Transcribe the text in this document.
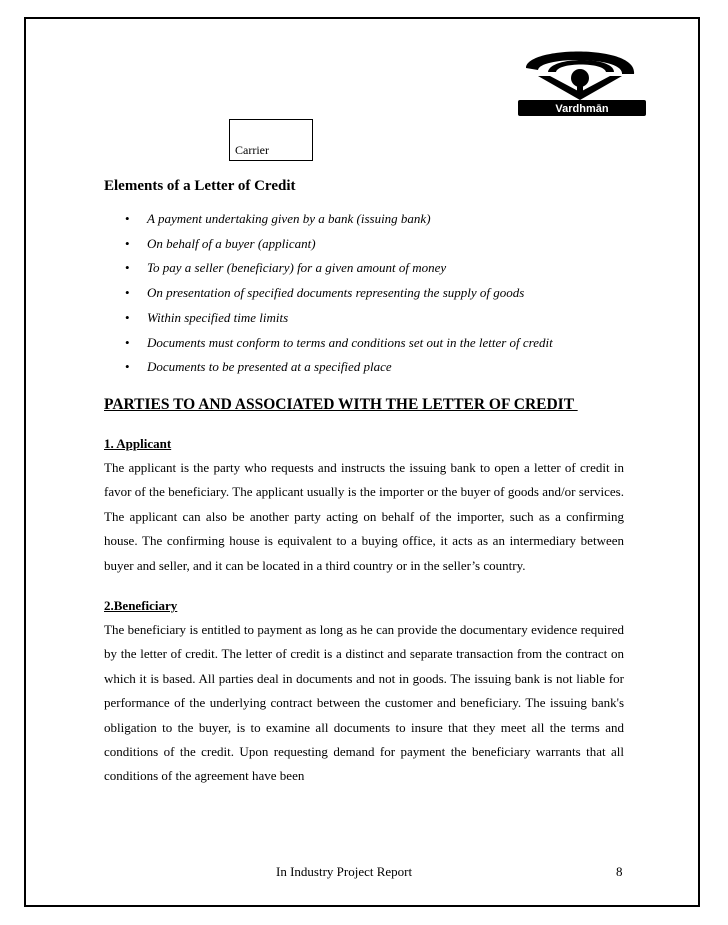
Vardhmān
Carrier
Elements of a Letter of Credit
• A payment undertaking given by a bank (issuing bank)
• On behalf of a buyer (applicant)
• To pay a seller (beneficiary) for a given amount of money
• On presentation of specified documents representing the supply of goods
• Within specified time limits
• Documents must conform to terms and conditions set out in the letter of credit
• Documents to be presented at a specified place
PARTIES TO AND ASSOCIATED WITH THE LETTER OF CREDIT
1. Applicant

The applicant is the party who requests and instructs the issuing bank to open a letter of credit in favor of the beneficiary. The applicant usually is the importer or the buyer of goods and/or services. The applicant can also be another party acting on behalf of the importer, such as a confirming house. The confirming house is equivalent to a buying office, it acts as an intermediary between buyer and seller, and it can be located in a third country or in the seller’s country.

2.Beneficiary

The beneficiary is entitled to payment as long as he can provide the documentary evidence required by the letter of credit. The letter of credit is a distinct and separate transaction from the contract on which it is based. All parties deal in documents and not in goods. The issuing bank is not liable for performance of the underlying contract between the customer and beneficiary. The issuing bank's obligation to the buyer, is to examine all documents to insure that they meet all the terms and conditions of the credit. Upon requesting demand for payment the beneficiary warrants that all conditions of the agreement have been

In Industry Project Report	8
